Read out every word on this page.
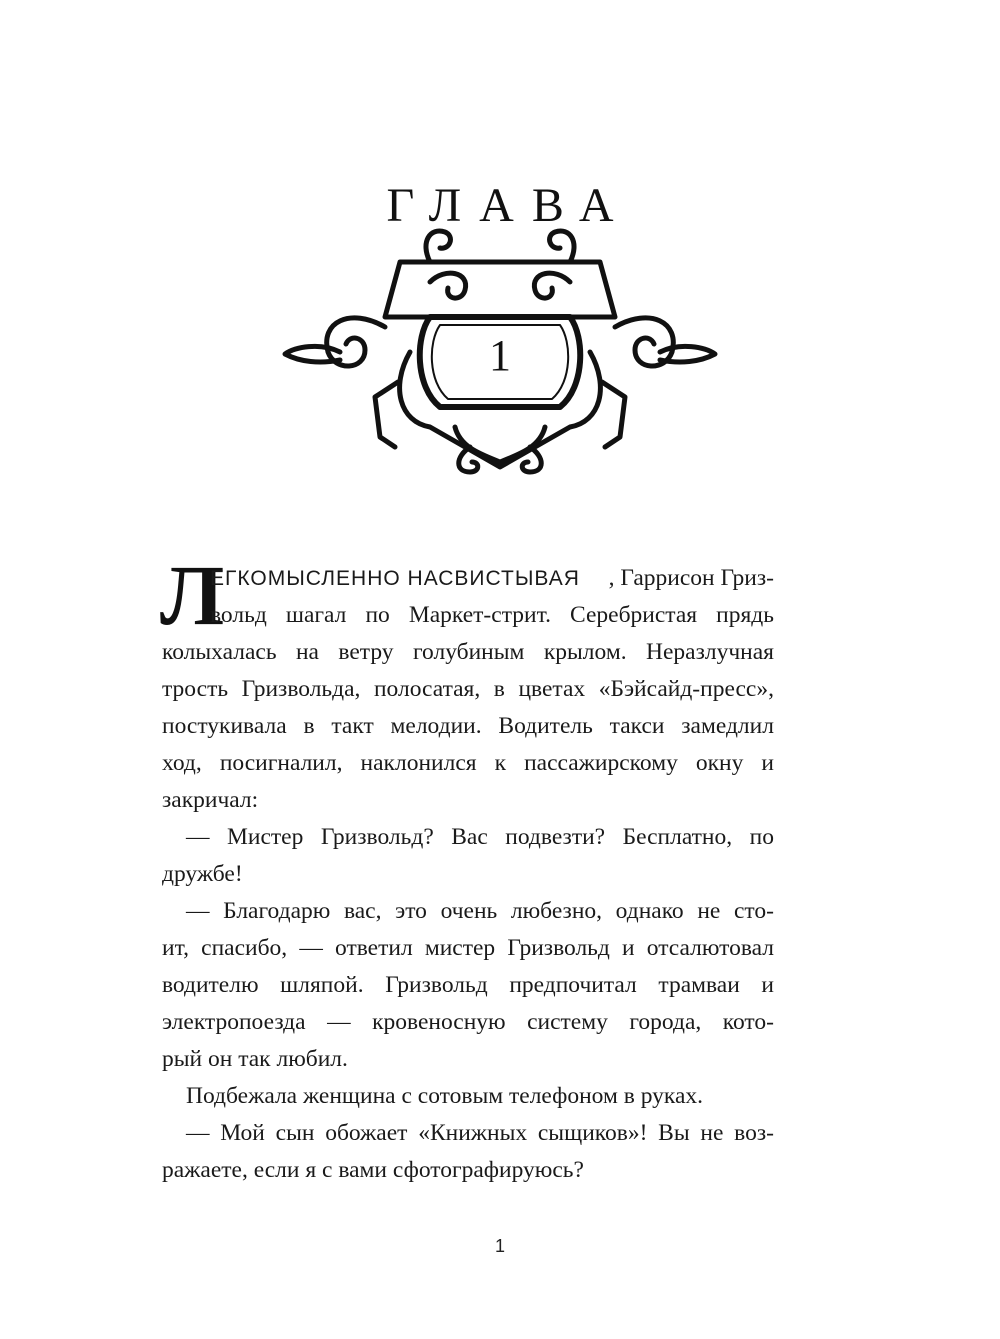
ГЛАВА
1
Л
ЕГКОМЫСЛЕННО НАСВИСТЫВАЯ	, Гаррисон Гриз-
вольд шагал по Маркет-стрит. Серебристая прядь
колыхалась на ветру голубиным крылом. Неразлучная
трость Гризвольда, полосатая, в цветах «Бэйсайд-пресс»,
постукивала в такт мелодии. Водитель такси замедлил
ход, посигналил, наклонился к пассажирскому окну и
закричал:
— Мистер Гризвольд? Вас подвезти? Бесплатно, по
дружбе!
— Благодарю вас, это очень любезно, однако не сто-
ит, спасибо, — ответил мистер Гризвольд и отсалютовал
водителю шляпой. Гризвольд предпочитал трамваи и
электропоезда — кровеносную систему города, кото-
рый он так любил.
Подбежала женщина с сотовым телефоном в руках.
— Мой сын обожает «Книжных сыщиков»! Вы не воз-
ражаете, если я с вами сфотографируюсь?
1
